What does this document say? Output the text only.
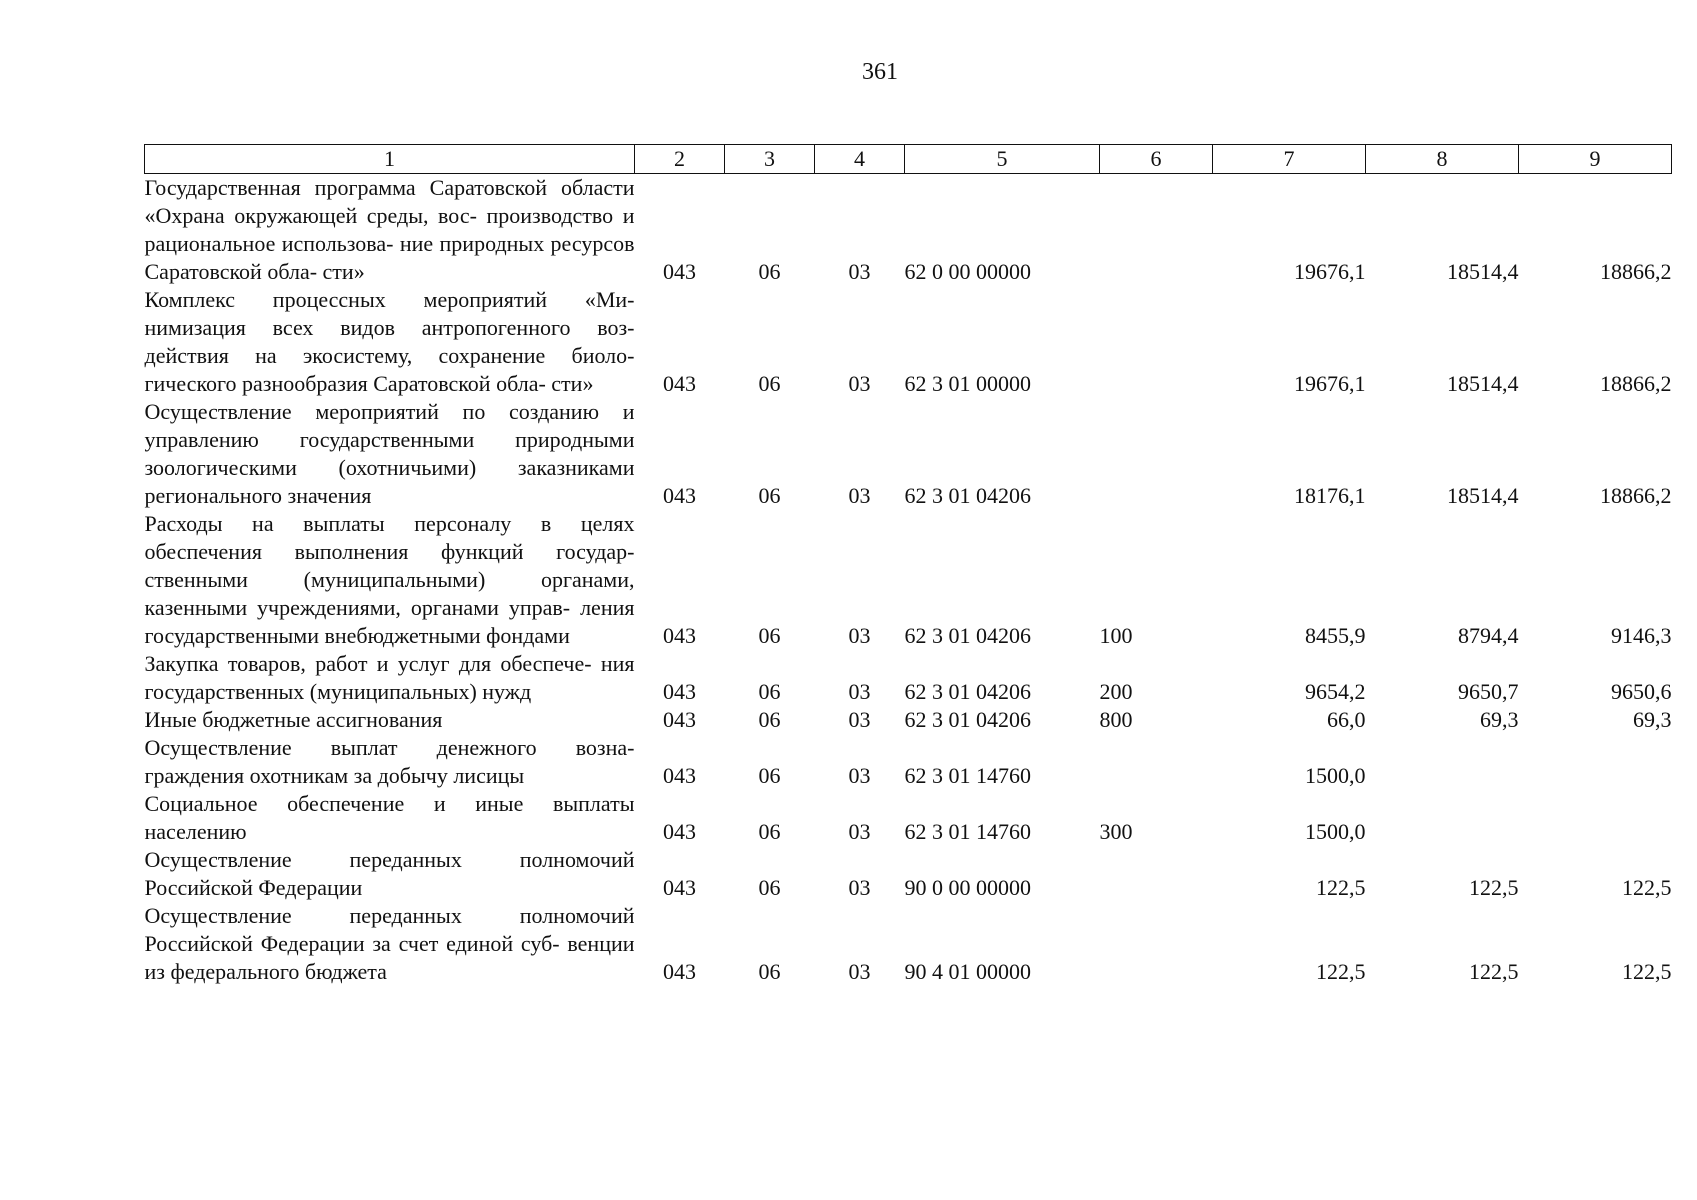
361
1	2	3	4	5	6	7	8	9
Государственная программа Саратовской области «Охрана окружающей среды, вос- производство и рациональное использова- ние природных ресурсов Саратовской обла- сти»	043	06	03	62 0 00 00000		19676,1	18514,4	18866,2
Комплекс процессных мероприятий «Ми- нимизация всех видов антропогенного воз- действия на экосистему, сохранение биоло- гического разнообразия Саратовской обла- сти»	043	06	03	62 3 01 00000		19676,1	18514,4	18866,2
Осуществление мероприятий по созданию и управлению государственными природными зоологическими (охотничьими) заказниками регионального значения	043	06	03	62 3 01 04206		18176,1	18514,4	18866,2
Расходы на выплаты персоналу в целях обеспечения выполнения функций государ- ственными (муниципальными) органами, казенными учреждениями, органами управ- ления государственными внебюджетными фондами	043	06	03	62 3 01 04206	100	8455,9	8794,4	9146,3
Закупка товаров, работ и услуг для обеспече- ния государственных (муниципальных) нужд	043	06	03	62 3 01 04206	200	9654,2	9650,7	9650,6
Иные бюджетные ассигнования	043	06	03	62 3 01 04206	800	66,0	69,3	69,3
Осуществление выплат денежного возна- граждения охотникам за добычу лисицы	043	06	03	62 3 01 14760		1500,0		
Социальное обеспечение и иные выплаты населению	043	06	03	62 3 01 14760	300	1500,0		
Осуществление переданных полномочий Российской Федерации	043	06	03	90 0 00 00000		122,5	122,5	122,5
Осуществление переданных полномочий Российской Федерации за счет единой суб- венции из федерального бюджета	043	06	03	90 4 01 00000		122,5	122,5	122,5
